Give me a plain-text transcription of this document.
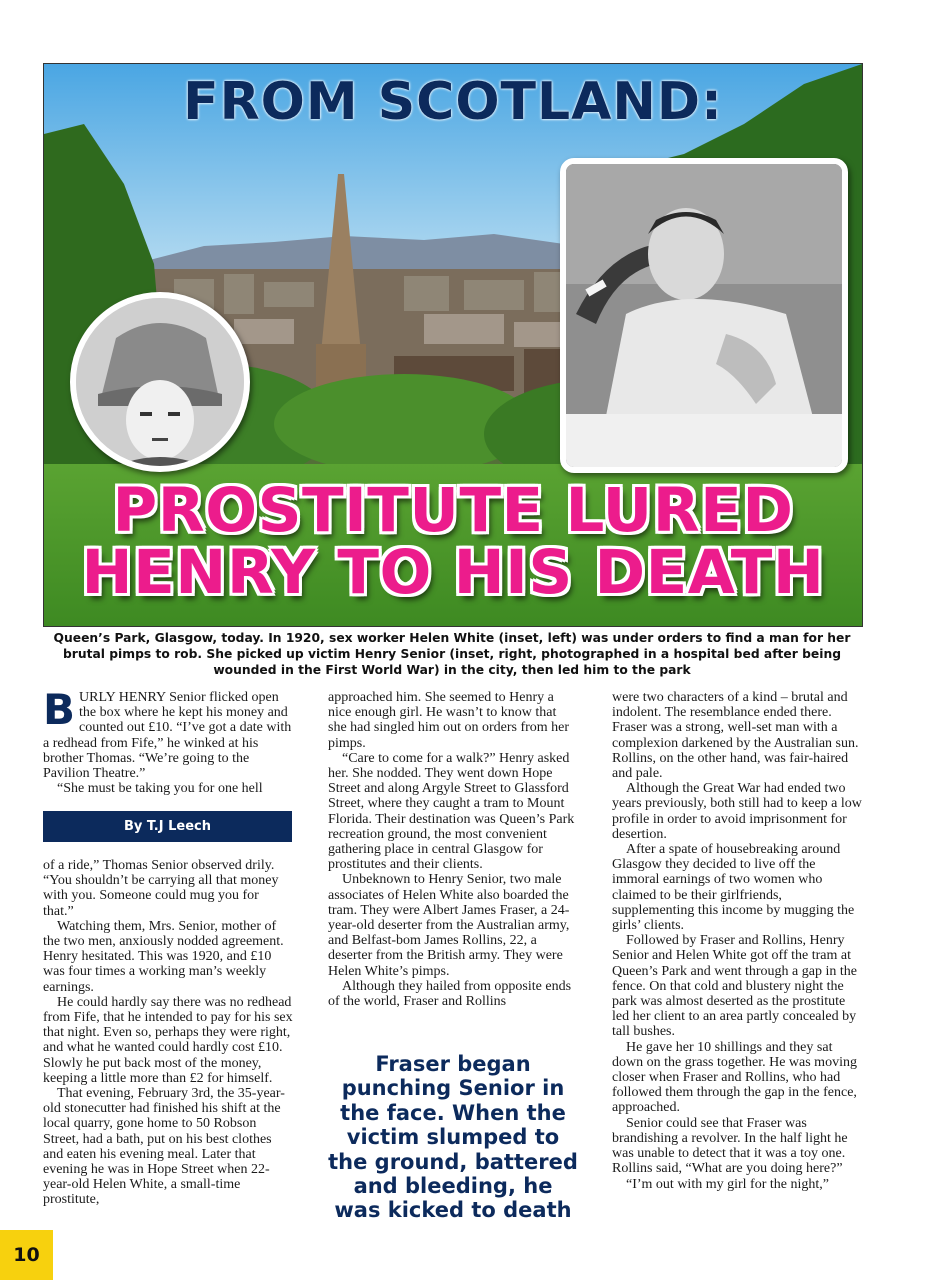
FROM SCOTLAND:
PROSTITUTE LURED
HENRY TO HIS DEATH
Queen’s Park, Glasgow, today. In 1920, sex worker Helen White (inset, left) was under orders to find a man for her brutal pimps to rob. She picked up victim Henry Senior (inset, right, photographed in a hospital bed after being wounded in the First World War) in the city, then led him to the park

BURLY HENRY Senior flicked open the box where he kept his money and counted out £10. “I’ve got a date with a redhead from Fife,” he winked at his brother Thomas. “We’re going to the Pavilion Theatre.”

“She must be taking you for one hell

By T.J Leech

of a ride,” Thomas Senior observed drily. “You shouldn’t be carrying all that money with you. Someone could mug you for that.”

Watching them, Mrs. Senior, mother of the two men, anxiously nodded agreement. Henry hesitated. This was 1920, and £10 was four times a working man’s weekly earnings.

He could hardly say there was no redhead from Fife, that he intended to pay for his sex that night. Even so, perhaps they were right, and what he wanted could hardly cost £10. Slowly he put back most of the money, keeping a little more than £2 for himself.

That evening, February 3rd, the 35-year-old stonecutter had finished his shift at the local quarry, gone home to 50 Robson Street, had a bath, put on his best clothes and eaten his evening meal. Later that evening he was in Hope Street when 22-year-old Helen White, a small-time prostitute,

approached him. She seemed to Henry a nice enough girl. He wasn’t to know that she had singled him out on orders from her pimps.

“Care to come for a walk?” Henry asked her. She nodded. They went down Hope Street and along Argyle Street to Glassford Street, where they caught a tram to Mount Florida. Their destination was Queen’s Park recreation ground, the most convenient gathering place in central Glasgow for prostitutes and their clients.

Unbeknown to Henry Senior, two male associates of Helen White also boarded the tram. They were Albert James Fraser, a 24-year-old deserter from the Australian army, and Belfast-bom James Rollins, 22, a deserter from the British army. They were Helen White’s pimps.

Although they hailed from opposite ends of the world, Fraser and Rollins

Fraser began punching Senior in the face. When the victim slumped to the ground, battered and bleeding, he was kicked to death

were two characters of a kind – brutal and indolent. The resemblance ended there. Fraser was a strong, well-set man with a complexion darkened by the Australian sun. Rollins, on the other hand, was fair-haired and pale.

Although the Great War had ended two years previously, both still had to keep a low profile in order to avoid imprisonment for desertion.

After a spate of housebreaking around Glasgow they decided to live off the immoral earnings of two women who claimed to be their girlfriends, supplementing this income by mugging the girls’ clients.

Followed by Fraser and Rollins, Henry Senior and Helen White got off the tram at Queen’s Park and went through a gap in the fence. On that cold and blustery night the park was almost deserted as the prostitute led her client to an area partly concealed by tall bushes.

He gave her 10 shillings and they sat down on the grass together. He was moving closer when Fraser and Rollins, who had followed them through the gap in the fence, approached.

Senior could see that Fraser was brandishing a revolver. In the half light he was unable to detect that it was a toy one. Rollins said, “What are you doing here?”

“I’m out with my girl for the night,”

10
